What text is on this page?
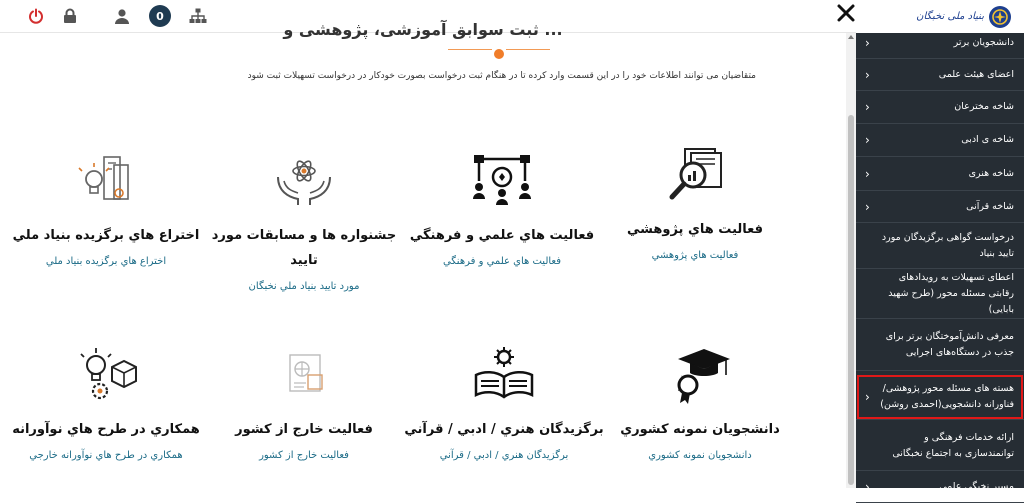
0
ثبت سوابق آموزشی، پژوهشی و ...
متقاضیان می توانند اطلاعات خود را در این قسمت وارد کرده تا در هنگام ثبت درخواست بصورت خودکار در درخواست تسهیلات ثبت شود
فعاليت هاي پژوهشي
فعاليت هاي پژوهشي
فعاليت هاي علمي و فرهنگي
فعاليت هاي علمي و فرهنگي
جشنواره ها و مسابقات مورد تاييد
مورد تاييد بنياد ملي نخبگان
اختراع هاي برگزيده بنياد ملي
اختراع هاي برگزيده بنياد ملي
دانشجويان نمونه کشوري
دانشجويان نمونه کشوري
برگزيدگان هنري / ادبي / قرآني
برگزيدگان هنري / ادبي / قرآني
فعاليت خارج از کشور
فعاليت خارج از کشور
همکاري در طرح هاي نوآورانه
همکاري در طرح هاي نوآورانه خارجي
بنیاد ملی نخبگان
دانشجويان برتر
‹
اعضای هیئت علمی
‹
شاخه مخترعان
‹
شاخه ی ادبی
‹
شاخه هنری
‹
شاخه قرآنی
‹
درخواست گواهی برگزیدگان مورد تایید بنیاد
اعطای تسهیلات به رویدادهای رقابتی مسئله محور (طرح شهید بابایی)
معرفی دانش‌آموختگان برتر برای جذب در دستگاه‌های اجرایی
هسته های مسئله محور پژوهشی/ فناورانه دانشجویی(احمدی روشن)
‹
ارائه خدمات فرهنگی و توانمندسازی به اجتماع نخبگانی
مسیر نخبگی علمی
‹
